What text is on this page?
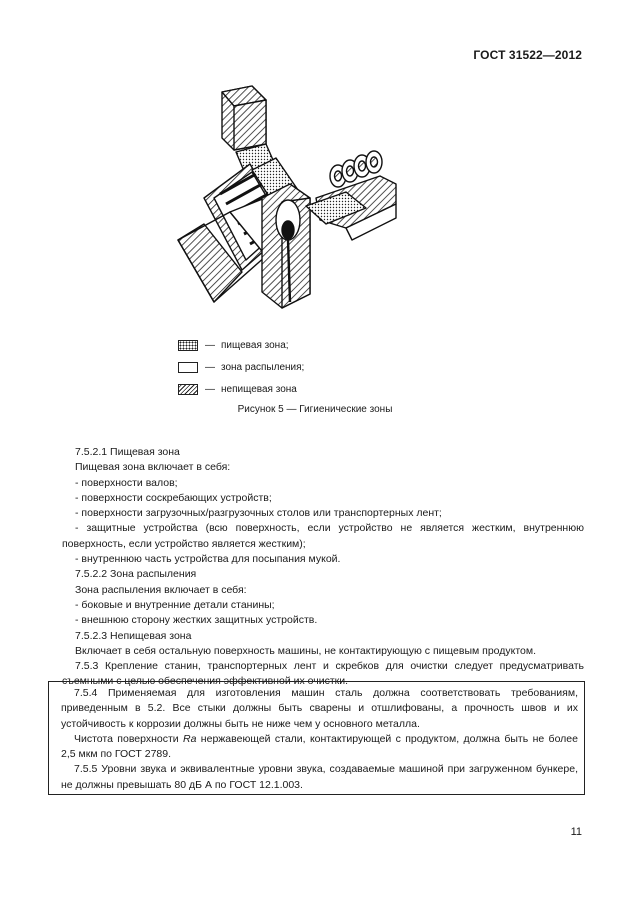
ГОСТ 31522—2012
— пищевая зона;
— зона распыления;
— непищевая зона
Рисунок 5 — Гигиенические зоны

7.5.2.1 Пищевая зона

Пищевая зона включает в себя:

- поверхности валов;

- поверхности соскребающих устройств;

- поверхности загрузочных/разгрузочных столов или транспортерных лент;

- защитные устройства (всю поверхность, если устройство не является жестким, внутреннюю поверхность, если устройство является жестким);

- внутреннюю часть устройства для посыпания мукой.

7.5.2.2 Зона распыления

Зона распыления включает в себя:

- боковые и внутренние детали станины;

- внешнюю сторону жестких защитных устройств.

7.5.2.3 Непищевая зона

Включает в себя остальную поверхность машины, не контактирующую с пищевым продуктом.

7.5.3 Крепление станин, транспортерных лент и скребков для очистки следует предусматривать съемными с целью обеспечения эффективной их очистки.

7.5.4 Применяемая для изготовления машин сталь должна соответствовать требованиям, приведенным в 5.2. Все стыки должны быть сварены и отшлифованы, а прочность швов и их устойчивость к коррозии должны быть не ниже чем у основного металла.

Чистота поверхности Ra нержавеющей стали, контактирующей с продуктом, должна быть не более 2,5 мкм по ГОСТ 2789.

7.5.5 Уровни звука и эквивалентные уровни звука, создаваемые машиной при загруженном бункере, не должны превышать 80 дБ А по ГОСТ 12.1.003.

11
